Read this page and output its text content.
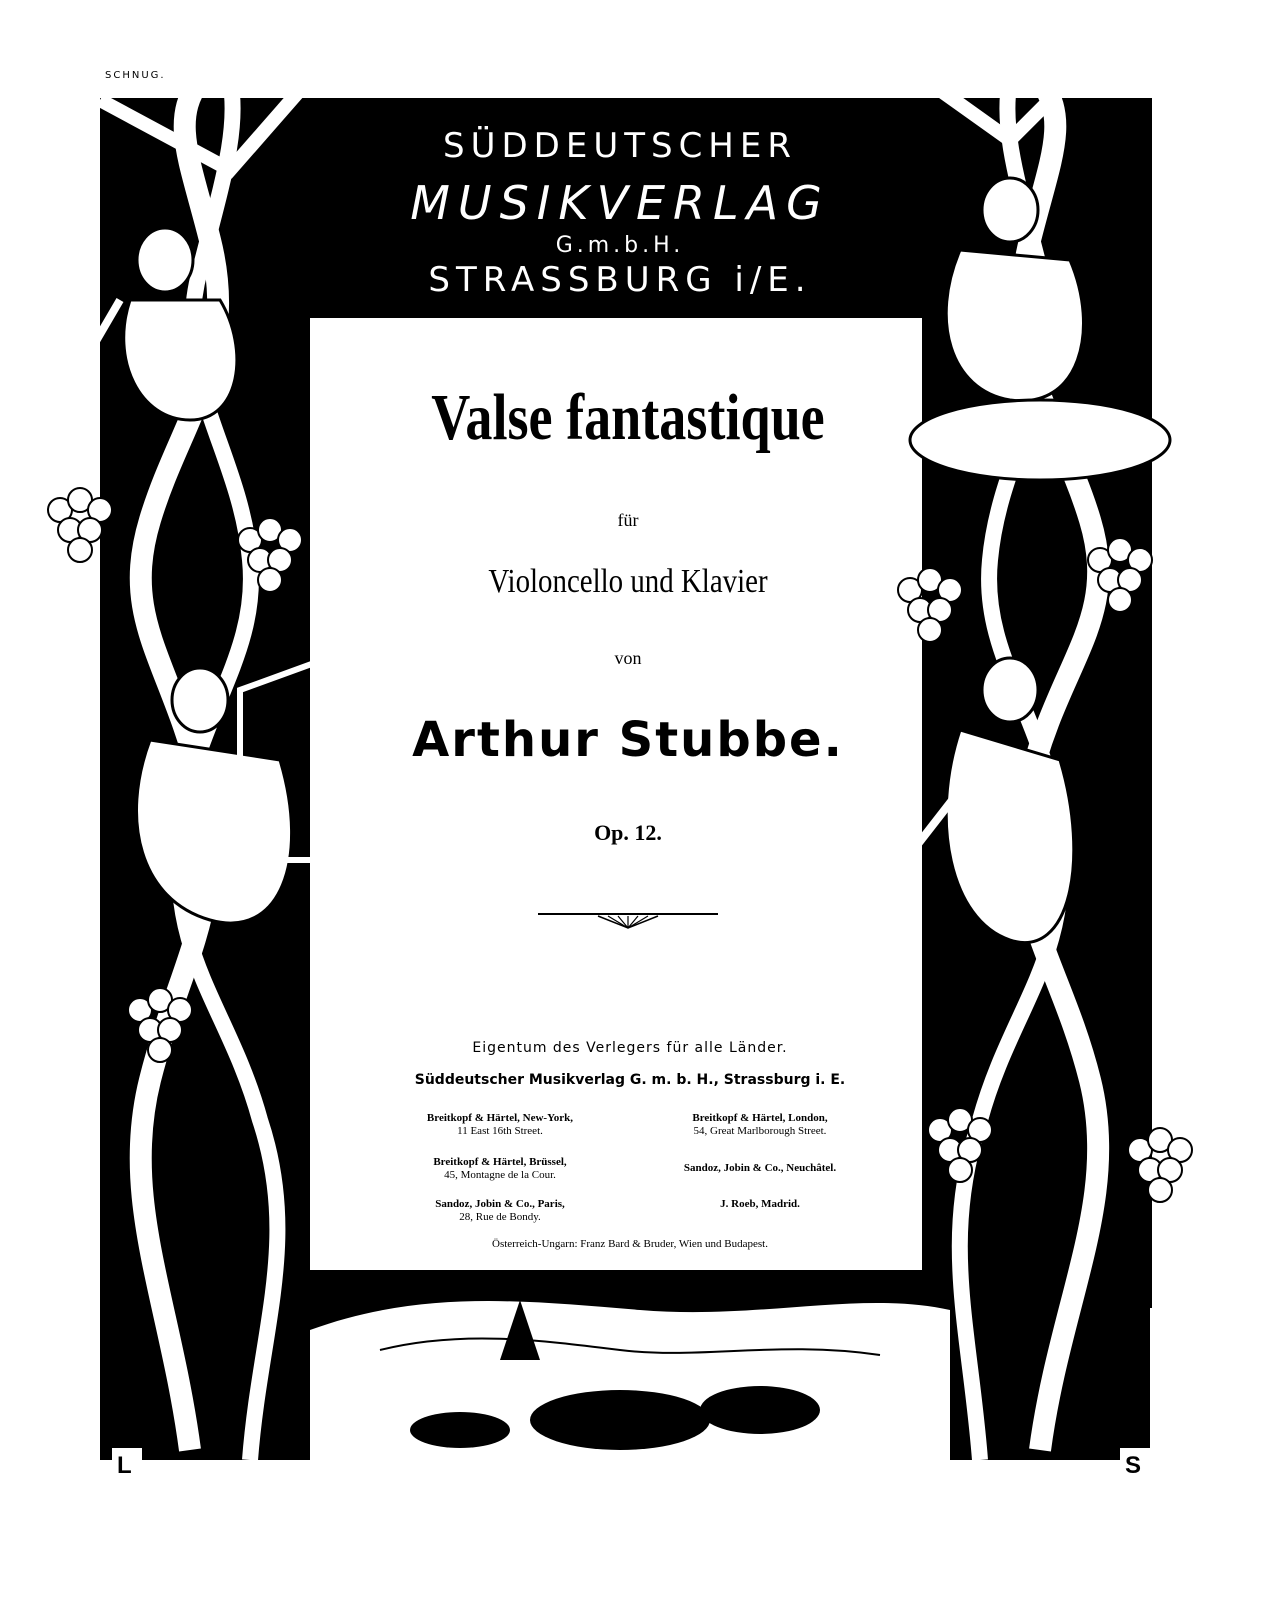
SCHNUG.
SÜDDEUTSCHER
MUSIKVERLAG
G.m.b.H.
STRASSBURG i/E.
Valse fantastique
für
Violoncello und Klavier
von
Arthur Stubbe.
Op. 12.
Eigentum des Verlegers für alle Länder.
Süddeutscher Musikverlag G. m. b. H., Strassburg i. E.
Breitkopf & Härtel, New-York,
11 East 16th Street.
Breitkopf & Härtel, London,
54, Great Marlborough Street.
Breitkopf & Härtel, Brüssel,
45, Montagne de la Cour.
Sandoz, Jobin & Co., Neuchâtel.
Sandoz, Jobin & Co., Paris,
28, Rue de Bondy.
J. Roeb, Madrid.
Österreich-Ungarn: Franz Bard & Bruder, Wien und Budapest.
L	S
